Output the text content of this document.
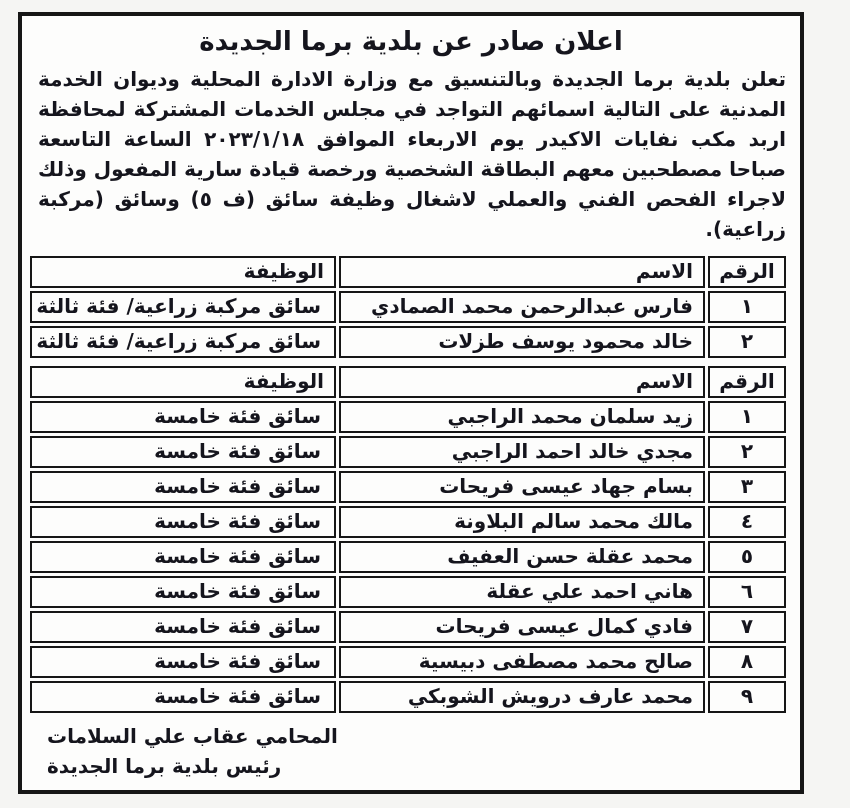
اعلان صادر عن بلدية برما الجديدة

تعلن بلدية برما الجديدة وبالتنسيق مع وزارة الادارة المحلية وديوان الخدمة المدنية على التالية اسمائهم التواجد في مجلس الخدمات المشتركة لمحافظة اربد مكب نفايات الاكيدر يوم الاربعاء الموافق ٢٠٢٣/١/١٨ الساعة التاسعة صباحا مصطحبين معهم البطاقة الشخصية ورخصة قيادة سارية المفعول وذلك لاجراء الفحص الفني والعملي لاشغال وظيفة سائق (ف ٥) وسائق (مركبة زراعية).

الرقم	الاسم	الوظيفة
١	فارس عبدالرحمن محمد الصمادي	سائق مركبة زراعية/ فئة ثالثة
٢	خالد محمود يوسف طزلات	سائق مركبة زراعية/ فئة ثالثة
الرقم	الاسم	الوظيفة
١	زيد سلمان محمد الراجبي	سائق فئة خامسة
٢	مجدي خالد احمد الراجبي	سائق فئة خامسة
٣	بسام جهاد عيسى فريحات	سائق فئة خامسة
٤	مالك محمد سالم البلاونة	سائق فئة خامسة
٥	محمد عقلة حسن العفيف	سائق فئة خامسة
٦	هاني احمد علي عقلة	سائق فئة خامسة
٧	فادي كمال عيسى فريحات	سائق فئة خامسة
٨	صالح محمد مصطفى دبيسية	سائق فئة خامسة
٩	محمد عارف درويش الشوبكي	سائق فئة خامسة
المحامي عقاب علي السلامات
رئيس بلدية برما الجديدة
